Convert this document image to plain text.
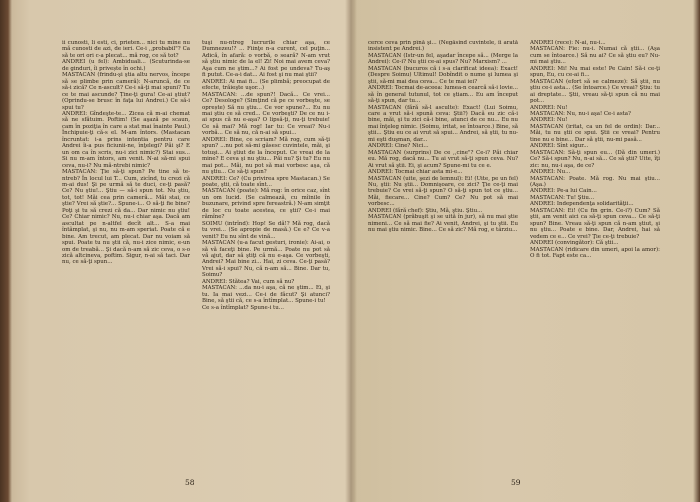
ii cunosti, li esti, ci, prieten... nici tu mine nu mă cunosti de azi, de ieri. Ce-i ,,probabil"? Ca să te ori ori c-a plecat... mă rog, ce să tot?

ANDREI (u fel): Ambiduali... (Scuturinda-se de ginduri, îi privește în ochi.)

MASTACAN (frindu-şi ştia altu nervos, începe să se plimbe prin cameră): N-aruncă, de ce să-i zică? Ce n-ascult? Ce-i să-ţi mai spuni? Tu ce te mai ascunde? Ține-ţi gura! Ce-ai ştiut? (Oprindu-se brusc în faţa lui Andrei.) Ce să-i spui tu?

ANDREI: Gîndeşte-te... Zicea că m-ai chemat să ne sfătuim. Poftim! (Se aşază pe scaun, cam în poziţia în care a stat mai înainte Paul.) Închipuie-ţi că-s el. M-am întors. (Mastacan încruntat: i-a prins intentia pentru care Andrei îi-a pus ficiunii-ne, înţelegi? Păi şi? E un om ca în scris, nu-i zici nimic?) Stai sus... Si nu m-am întors, am venit. N-ai să-mi spui ceva, nu-i? Nu mă-ntrebi nimic?

MASTACAN: Ţie să-ţi spun? Pe tine să te-ntreb? În locul lui T... Cum, zicînd, tu crezi că m-ai dus! Şi pe urmă să te duci, ce-ţi pasă? Ce? Nu ştiu!... Ştiu — să-i spun tot. Nu ştiu, tot, tot! Măi cea prin cameră... Măi stai, ce ştie? Vrei să ştie?... Spune-i... O să-ţi fie bine? Poţi şi tu să crezi că da... Dar nimic nu ştiu! Ce? Chiar nimic? Nu, nu-i chiar aşa. Dacă am ascultat pe n-altfel decît alt... S-a mai întâmplat, şi nu, nu m-am speriat. Poate că e bine. Am trecut, am plecat. Dar nu voiam să spui. Poate tu nu ştii că, nu-i zice nimic, e-un om de treabă... Şi dacă n-am să zic ceva, o s-o zică altcineva, poftim. Sigur, n-ai să taci. Dar nu, ce să-ţi spun...

tuşi nu-ntreg lucrurile chiar aşa, ce Dumnezeu!? ... Fiinţe n-a curent, cel puţin... Adică, în afară: o vorbă, o seară? N-am vrut să ştiu nimic de la el! Zi! Noi mai avem ceva? Aşa cum ne ştim...? Ai fost pe undeva? Tu-aş fi putut. Ce-a-i dat... Ai fost şi nu mai ştii?

ANDREI: Ai mai fi... (Se plimbă; preocupat de efecte, trăieşte uşor...)

MASTACAN: ...de spun?! Dacă... Ce vrei... Ce? Desologe? (Simţind că pe ce vorbeşte, se oprește) Să nu ştiu... Ce vor spune?... Eu nu mai ştiu ce să cred... Ce vorbeşti? De ce nu i-ai spus că nu e-aşa? O lipsă-ţi, nu-ţi trebuie! Ce să mai? Mă rog! Iar tu: Ce vreai? Nu-i vorbă... Ce să nu, că n-ai să spui...

ANDREI: Bine, ce scriam? Mă rog, cum să-ţi spun? ...nu pot să-mi găsesc cuvintele, măi, şi totuşi... Ai ştiut de la început. Ce vreai de la mine? E ceva şi nu ştiu... Păi nu? Şi tu? Eu nu mai pot... Măi, nu pot să mai vorbesc aşa, că nu ştiu... Ce să-ţi spun?

ANDREI: Ce? (Cu privirea spre Mastacan.) Se poate, ştii, că toate sînt...

MASTACAN (poate): Mă rog: în orice caz, sînt un om lucid. (Se calmează, cu mîinile în buzunare, privind spre fereastră.) N-am simţit de loc cu toate acestea, ce ştii? Ce-i mai rămîne?

SOIMU (intrînd): Hop! Se dă!? Mă rog, dacă tu vrei... (Se apropie de masă.) Ce e? Ce v-a venit? Eu nu sînt de vină...

MASTACAN (u-a facut gesturi, ironie): Ai-ai, o să vă faceţi bine. Pe urmă... Poate nu pot să vă ajut, dar să ştiţi că nu e-aşa. Ce vorbeşti, Andrei? Mai bine zi... Hai, zi ceva. Ce-ţi pasă? Vrei să-i spui? Nu, că n-am să... Bine. Dar tu, Soimu?

ANDREI: Stătea? Vai, cum să nu?

MASTACAN: ...da nu-i aşa, că ne ştim... Ei, şi tu. Ia mai vezi... Ce-i de făcut? Şi atunci? Bine, să ştii că, ce s-a întîmplat... Spune-i tu!

Ce s-a întîmplat? Spune-i tu...

58

cerce ceva prin pînă şi... (Negăsind cuvintele, îi arată insistent pe Andrei.)

MASTACAN (Istr-un fel, aşadar începe să... (Merge la Andrei): Ce-i? Nu ştii ce-ai spus? Nu? Marxism? ...

MASTACAN (bucuros că i s-a clarificat ideea): Exact! (Despre Soimu) Ultimul! Dobîndit o nume şi lumea şi ştii, să-mi mai dea ceva... Ce te mai iei?

ANDREI: Tocmai de-aceea: lumea-n cearcă să-i lovie... să în general tutunul, tot ce ştiam... Eu am început să-ţi spun, dar tu...

MASTACAN (fără să-l asculte): Exact! (Lui Soimu, care a vrut să-i spună ceva: Ştii?) Dacă eu zic că-i bine, măi, şi tu zici că-i bine, atunci de ce nu... Eu nu mai înţeleg nimic. (Soimu, iritat, se întoarce.) Bine, să ştii... Ştiu eu ce ai vrut să spui... Andrei, să ştii, tu nu-mi eşti duşman, dar...

ANDREI: Cine? Nici...

MASTACAN (surprins) De ce ,,cine"? Ce-i? Păi chiar eu. Mă rog, dacă nu... Tu ai vrut să-ţi spun ceva. Nu? Ai vrut să ştii. Ei, şi acum? Spune-mi tu ce e.

ANDREI: Tocmai chiar asta mi-e...

MASTACAN (uite, şezi de lemnul): Ei! (Uite, pe un fel) Nu, ştii: Nu ştii... Domnişoare, ce zici? Ţie ce-ţi mai trebuie? Ce vrei să-ţi spun? O să-ţi spun tot ce ştiu... Măi, fiecare... Cine? Cum? Ce? Nu pot să mai vorbesc...

ANDREI (fără chef): Ştiu, Mă, ştiu. Ştiu...

MASTACAN (prăbuşit şi se uită în jur), să nu mai ştie nimeni... Ce să mai fie? Ai venit, Andrei, şi tu ştii. Eu nu mai ştiu nimic. Bine... Ce să zic? Mă rog, e târziu...

ANDREI (rece): N-ai, nu-i...

MASTACAN: Fie: nu-i. Numai că ştii... (Aşa cum se întoarce.) Să nu ai? Ce să ştiu eu? Nu-mi mai ştiu...

ANDREI: Mi! Nu mai este! Pe Cain! Să-i ce-ţi spun, Eu, cu ce-ai fi...

MASTACAN (efort să se calmeze): Să ştii, nu ştiu ce-i asta... (Se întoarce.) Ce vreai? Ştiu: tu ai dreptate... Ştii, vreau să-ţi spun că nu mai pot...

ANDREI: Nu!

MASTACAN: Nu, nu-i aşa! Ce-i asta?

ANDREI: Nu!

MASTACAN (iritat, ca un fel de ordin): Dar... Măi, tu nu ştii ce spui. Ştii ce vreai? Pentru tine nu e bine... Dar să ştii, nu-mi pasă...

ANDREI: Sînt sigur...

MASTACAN: Să-ţi spun eu... (Dă din umeri.) Ce? Să-i spun? Nu, n-ai să... Ce să ştii? Uite, îţi zic: nu, nu-i aşa, de ce?

ANDREI: Nu...

MASTACAN: Poate. Mă rog. Nu mai ştiu... (Aşa.)

ANDREI: Pe-a lui Cain...

MASTACAN: Tu! Ştiu...

ANDREI: Independenţa solidarităţii...

MASTACAN: Ei! (Cu fin grin. Ce-i?) Cum? Să ştii, am venit aici ca să-ţi spun ceva... Ce să-ţi spun? Bine. Vreau să-ţi spun că n-am ştiut, şi nu ştiu... Poate e bine. Dar, Andrei, hai să vedem ce e... Ce vrei? Ţie ce-ţi trebuie?

ANDREI (convingător): Că ştii...

MASTACAN (ridicare din umeri, apoi la amor): O fi tot. Fapt este ca...

59
